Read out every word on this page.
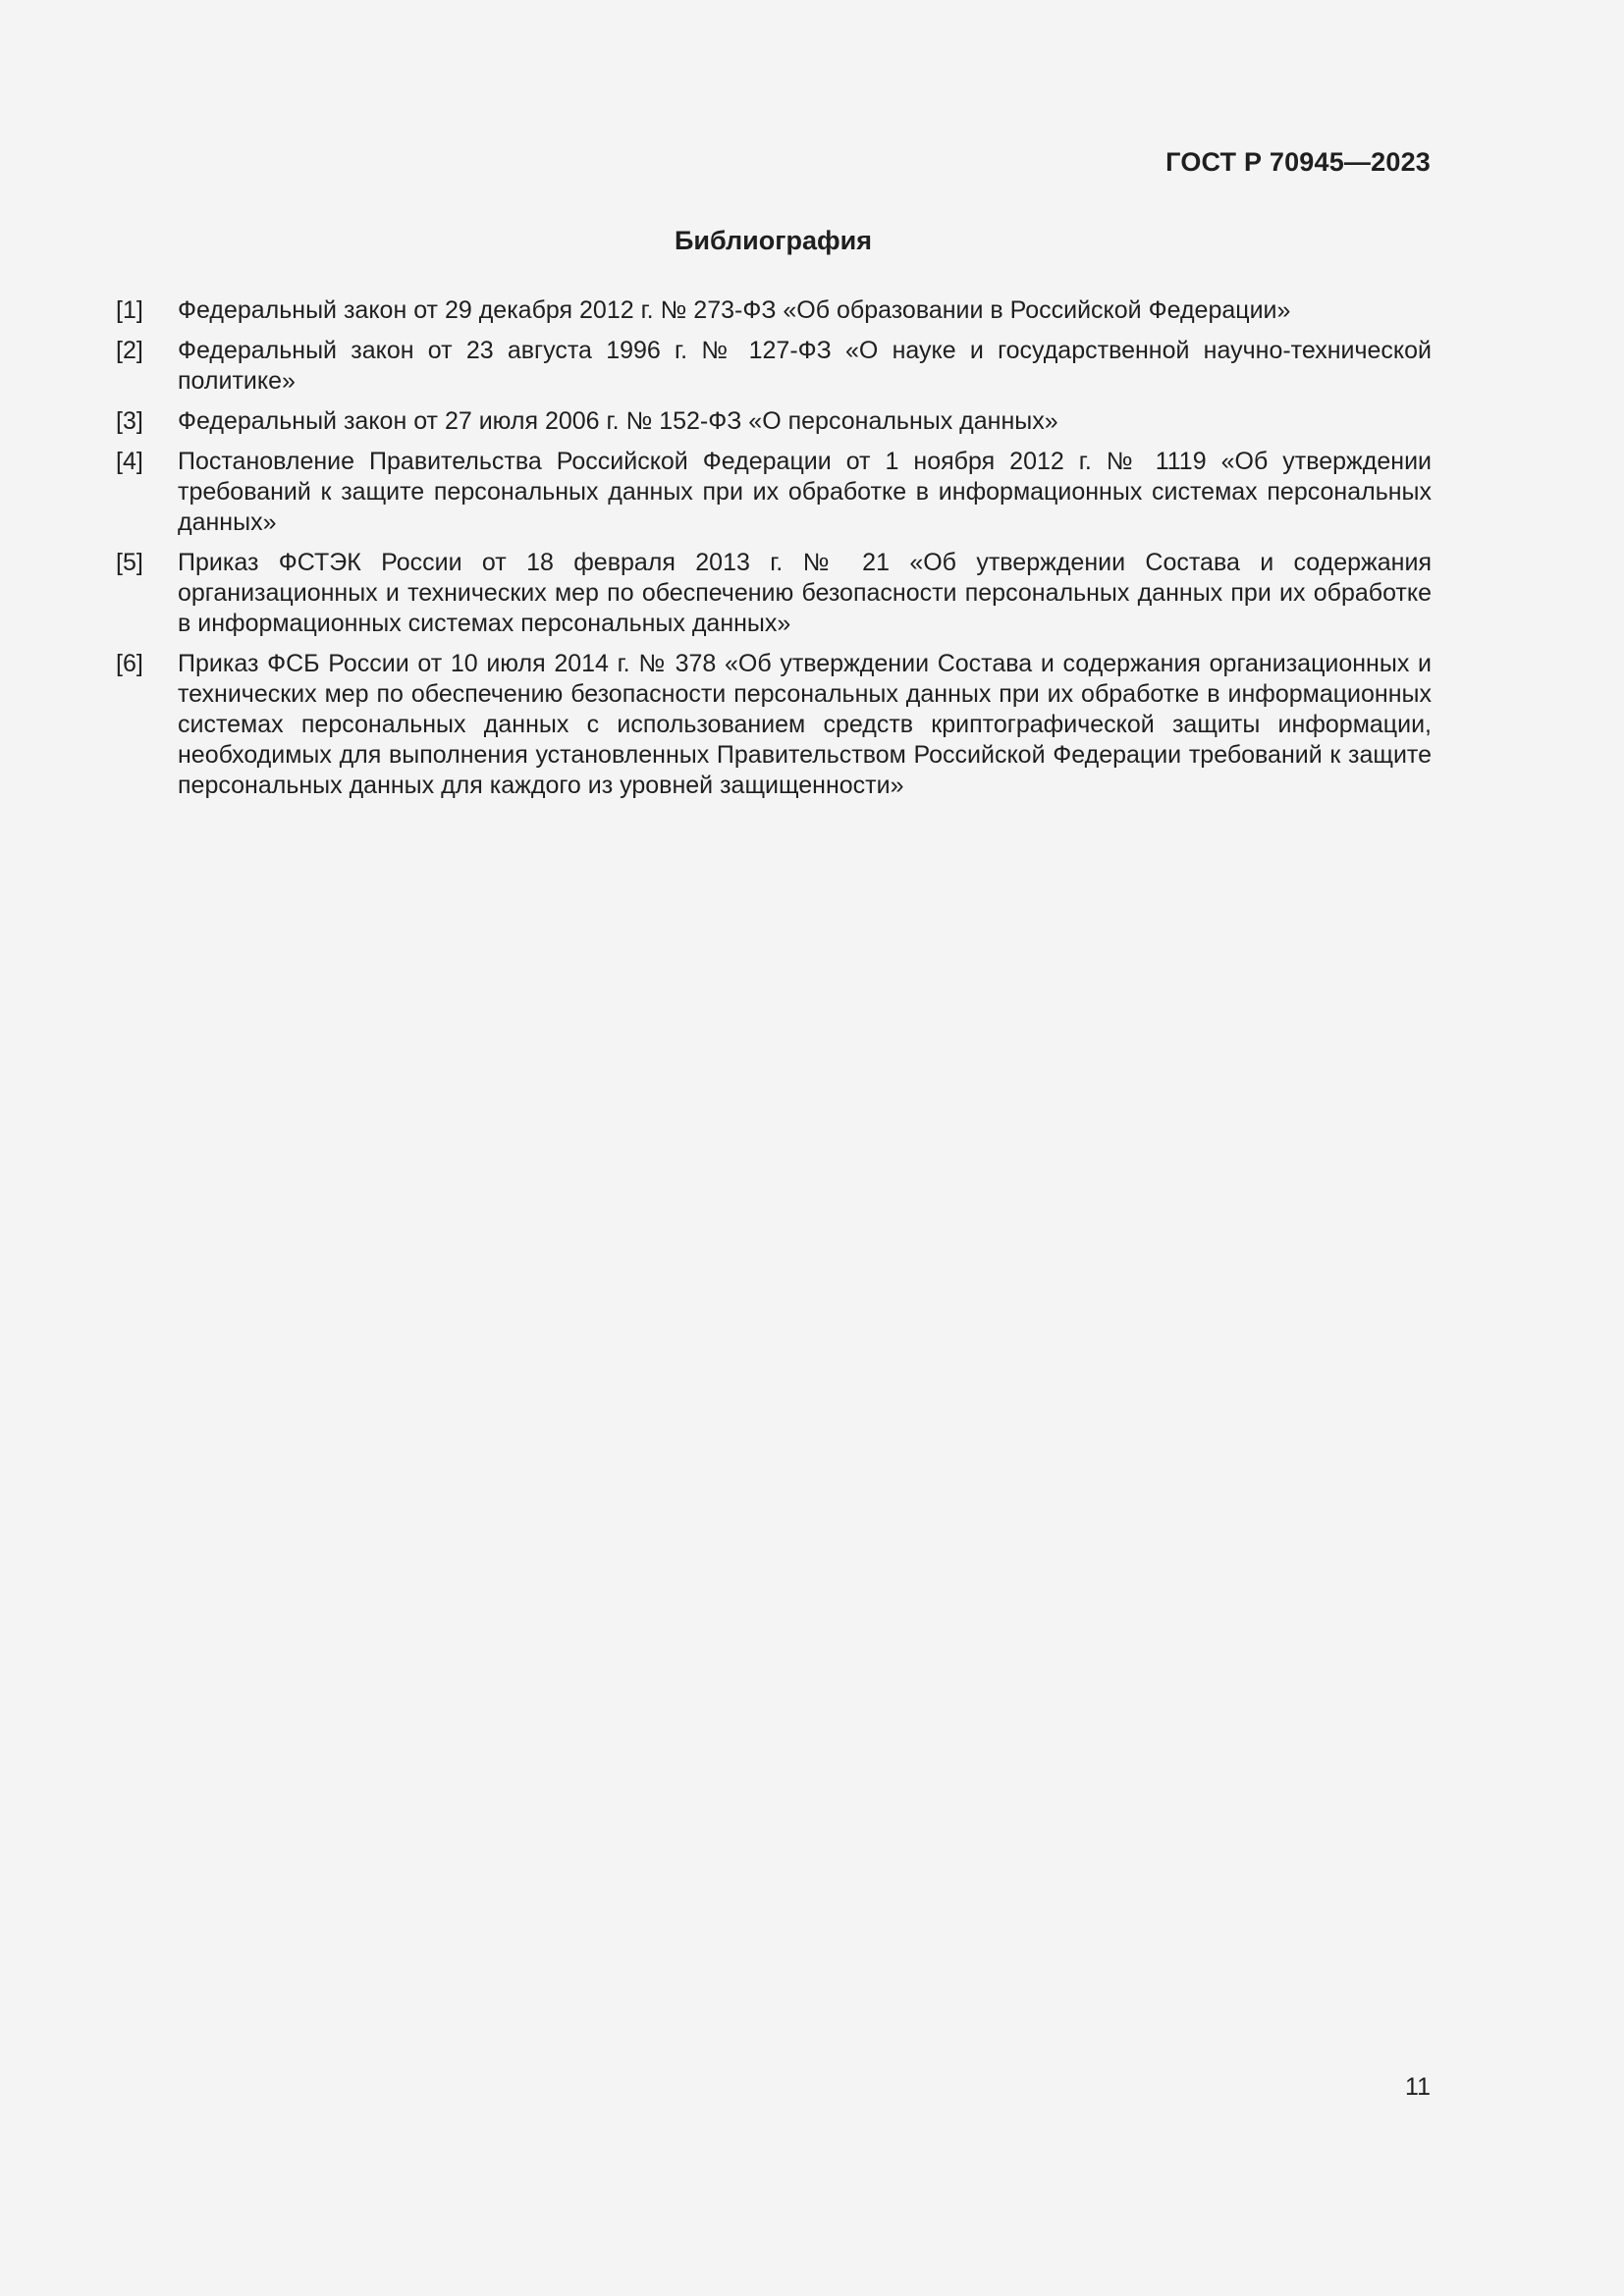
ГОСТ Р 70945—2023
Библиография
[1] Федеральный закон от 29 декабря 2012 г. № 273-ФЗ «Об образовании в Российской Федерации»
[2] Федеральный закон от 23 августа 1996 г. № 127-ФЗ «О науке и государственной научно-технической политике»
[3] Федеральный закон от 27 июля 2006 г. № 152-ФЗ «О персональных данных»
[4] Постановление Правительства Российской Федерации от 1 ноября 2012 г. № 1119 «Об утверждении требований к защите персональных данных при их обработке в информационных системах персональных данных»
[5] Приказ ФСТЭК России от 18 февраля 2013 г. № 21 «Об утверждении Состава и содержания организационных и технических мер по обеспечению безопасности персональных данных при их обработке в информационных системах персональных данных»
[6] Приказ ФСБ России от 10 июля 2014 г. № 378 «Об утверждении Состава и содержания организационных и технических мер по обеспечению безопасности персональных данных при их обработке в информационных системах персональных данных с использованием средств криптографической защиты информации, необходимых для выполнения установленных Правительством Российской Федерации требований к защите персональных данных для каждого из уровней защищенности»
11
